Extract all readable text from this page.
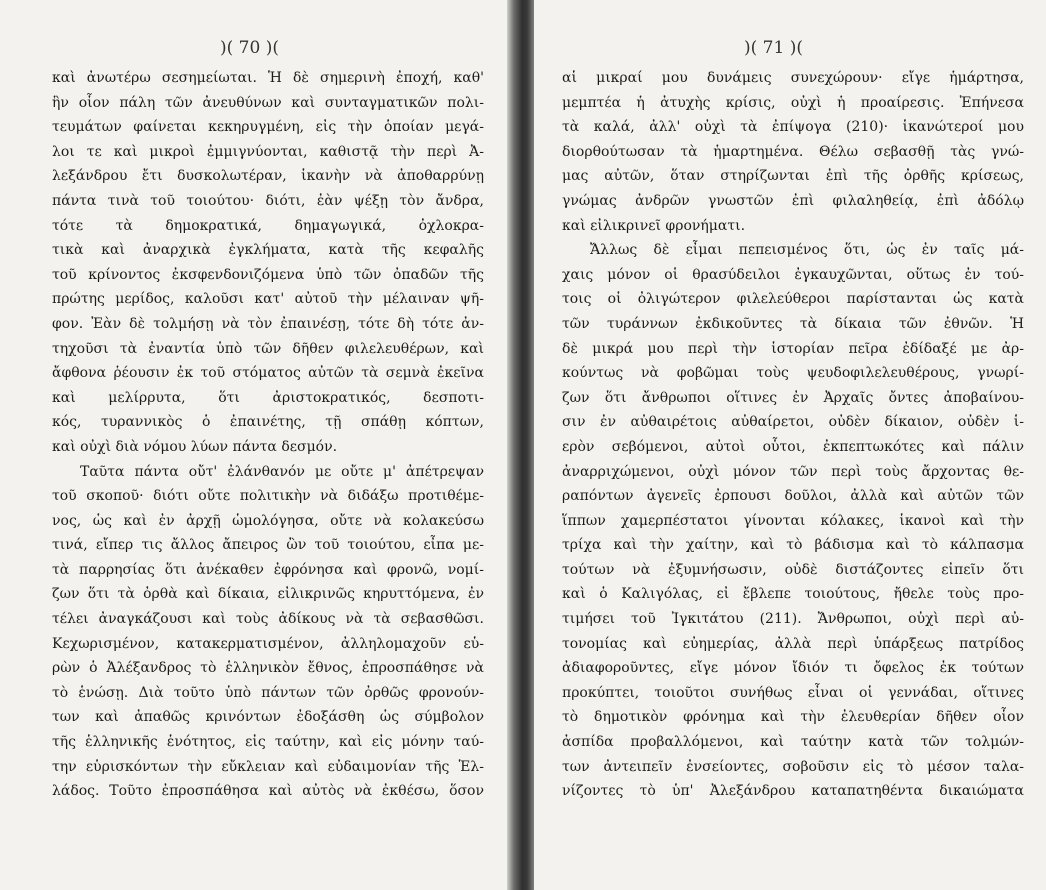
)( 70 )(
καὶ ἀνωτέρω σεσημείωται. Ἡ δὲ σημερινὴ ἐποχή, καθ'
ἣν οἷον πάλη τῶν ἀνευθύνων καὶ συνταγματικῶν πολι-
τευμάτων φαίνεται κεκηρυγμένη, εἰς τὴν ὁποίαν μεγά-
λοι τε καὶ μικροὶ ἐμμιγνύονται, καθιστᾷ τὴν περὶ Ἀ-
λεξάνδρου ἔτι δυσκολωτέραν, ἱκανὴν νὰ ἀποθαρρύνῃ
πάντα τινὰ τοῦ τοιούτου· διότι, ἐὰν ψέξῃ τὸν ἄνδρα,
τότε τὰ δημοκρατικά, δημαγωγικά, ὀχλοκρα-
τικὰ καὶ ἀναρχικὰ ἐγκλήματα, κατὰ τῆς κεφαλῆς
τοῦ κρίνοντος ἐκσφενδονιζόμενα ὑπὸ τῶν ὀπαδῶν τῆς
πρώτης μερίδος, καλοῦσι κατ' αὐτοῦ τὴν μέλαιναν ψῆ-
φον. Ἐὰν δὲ τολμήσῃ νὰ τὸν ἐπαινέσῃ, τότε δὴ τότε ἀν-
τηχοῦσι τὰ ἐναντία ὑπὸ τῶν δῆθεν φιλελευθέρων, καὶ
ἄφθονα ῥέουσιν ἐκ τοῦ στόματος αὐτῶν τὰ σεμνὰ ἐκεῖνα
καὶ μελίρρυτα, ὅτι ἀριστοκρατικός, δεσποτι-
κός, τυραννικὸς ὁ ἐπαινέτης, τῇ σπάθῃ κόπτων,
καὶ οὐχὶ διὰ νόμου λύων πάντα δεσμόν.
Ταῦτα πάντα οὔτ' ἐλάνθανόν με οὔτε μ' ἀπέτρεψαν
τοῦ σκοποῦ· διότι οὔτε πολιτικὴν νὰ διδάξω προτιθέμε-
νος, ὡς καὶ ἐν ἀρχῇ ὡμολόγησα, οὔτε νὰ κολακεύσω
τινά, εἴπερ τις ἄλλος ἄπειρος ὢν τοῦ τοιούτου, εἶπα με-
τὰ παρρησίας ὅτι ἀνέκαθεν ἐφρόνησα καὶ φρονῶ, νομί-
ζων ὅτι τὰ ὀρθὰ καὶ δίκαια, εἰλικρινῶς κηρυττόμενα, ἐν
τέλει ἀναγκάζουσι καὶ τοὺς ἀδίκους νὰ τὰ σεβασθῶσι.
Κεχωρισμένον, κατακερματισμένον, ἀλληλομαχοῦν εὑ-
ρὼν ὁ Ἀλέξανδρος τὸ ἑλληνικὸν ἔθνος, ἐπροσπάθησε νὰ
τὸ ἑνώσῃ. Διὰ τοῦτο ὑπὸ πάντων τῶν ὀρθῶς φρονούν-
των καὶ ἀπαθῶς κρινόντων ἐδοξάσθη ὡς σύμβολον
τῆς ἑλληνικῆς ἑνότητος, εἰς ταύτην, καὶ εἰς μόνην ταύ-
την εὑρισκόντων τὴν εὔκλειαν καὶ εὐδαιμονίαν τῆς Ἑλ-
λάδος. Τοῦτο ἐπροσπάθησα καὶ αὐτὸς νὰ ἐκθέσω, ὅσον
)( 71 )(
αἱ μικραί μου δυνάμεις συνεχώρουν· εἴγε ἡμάρτησα,
μεμπτέα ἡ ἀτυχὴς κρίσις, οὐχὶ ἡ προαίρεσις. Ἐπήνεσα
τὰ καλά, ἀλλ' οὐχὶ τὰ ἐπίψογα (210)· ἱκανώτεροί μου
διορθούτωσαν τὰ ἡμαρτημένα. Θέλω σεβασθῇ τὰς γνώ-
μας αὐτῶν, ὅταν στηρίζωνται ἐπὶ τῆς ὀρθῆς κρίσεως,
γνώμας ἀνδρῶν γνωστῶν ἐπὶ φιλαληθείᾳ, ἐπὶ ἀδόλῳ
καὶ εἰλικρινεῖ φρονήματι.
Ἄλλως δὲ εἶμαι πεπεισμένος ὅτι, ὡς ἐν ταῖς μά-
χαις μόνον οἱ θρασύδειλοι ἐγκαυχῶνται, οὕτως ἐν τού-
τοις οἱ ὀλιγώτερον φιλελεύθεροι παρίστανται ὡς κατὰ
τῶν τυράννων ἐκδικοῦντες τὰ δίκαια τῶν ἐθνῶν. Ἡ
δὲ μικρά μου περὶ τὴν ἱστορίαν πεῖρα ἐδίδαξέ με ἀρ-
κούντως νὰ φοβῶμαι τοὺς ψευδοφιλελευθέρους, γνωρί-
ζων ὅτι ἄνθρωποι οἵτινες ἐν Ἀρχαῖς ὄντες ἀποβαίνου-
σιν ἐν αὐθαιρέτοις αὐθαίρετοι, οὐδὲν δίκαιον, οὐδὲν ἱ-
ερὸν σεβόμενοι, αὐτοὶ οὗτοι, ἐκπεπτωκότες καὶ πάλιν
ἀναρριχώμενοι, οὐχὶ μόνον τῶν περὶ τοὺς ἄρχοντας θε-
ραπόντων ἀγενεῖς ἐρπουσι δοῦλοι, ἀλλὰ καὶ αὐτῶν τῶν
ἵππων χαμερπέστατοι γίνονται κόλακες, ἱκανοὶ καὶ τὴν
τρίχα καὶ τὴν χαίτην, καὶ τὸ βάδισμα καὶ τὸ κάλπασμα
τούτων νὰ ἐξυμνήσωσιν, οὐδὲ διστάζοντες εἰπεῖν ὅτι
καὶ ὁ Καλιγόλας, εἰ ἔβλεπε τοιούτους, ἤθελε τοὺς προ-
τιμήσει τοῦ Ἰγκιτάτου (211). Ἄνθρωποι, οὐχὶ περὶ αὐ-
τονομίας καὶ εὐημερίας, ἀλλὰ περὶ ὑπάρξεως πατρίδος
ἀδιαφοροῦντες, εἴγε μόνον ἴδιόν τι ὄφελος ἐκ τούτων
προκύπτει, τοιοῦτοι συνήθως εἶναι οἱ γεννάδαι, οἵτινες
τὸ δημοτικὸν φρόνημα καὶ τὴν ἐλευθερίαν δῆθεν οἷον
ἀσπίδα προβαλλόμενοι, καὶ ταύτην κατὰ τῶν τολμών-
των ἀντειπεῖν ἐνσείοντες, σοβοῦσιν εἰς τὸ μέσον ταλα-
νίζοντες τὸ ὑπ' Ἀλεξάνδρου καταπατηθέντα δικαιώματα
